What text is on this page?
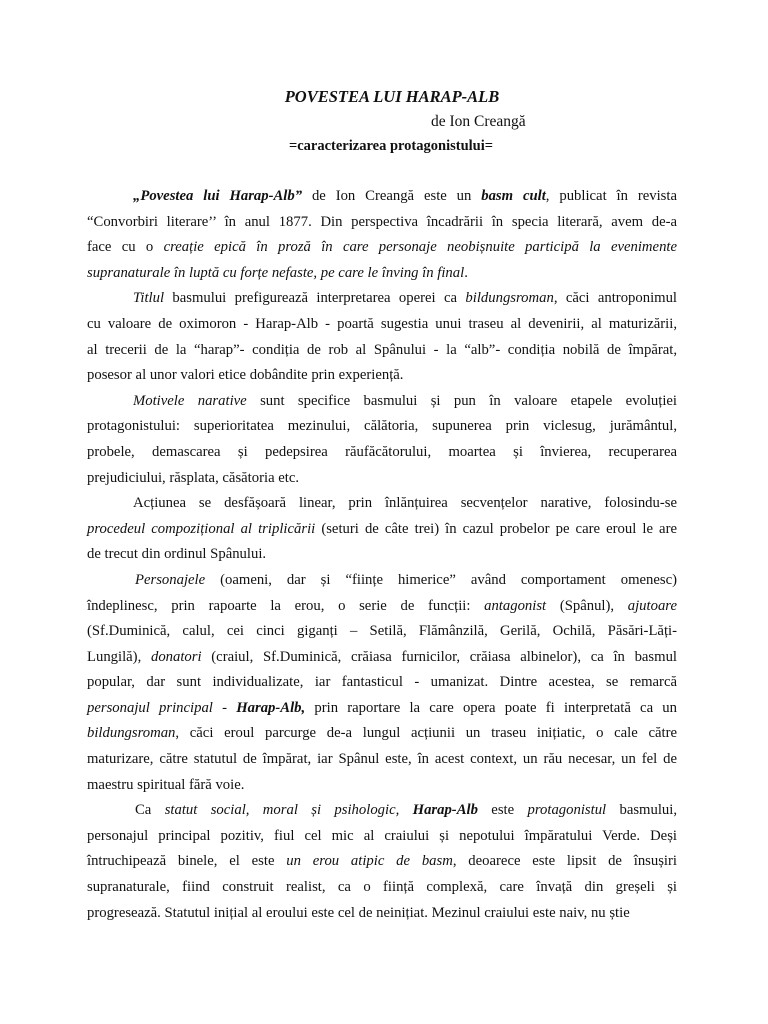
POVESTEA LUI HARAP-ALB
de Ion Creangă
=caracterizarea protagonistului=
„Povestea lui Harap-Alb” de Ion Creangă este un basm cult, publicat în revista
“Convorbiri literare’’ în anul 1877. Din perspectiva încadrării în specia literară, avem de-a
face cu o creație epică în proză în care personaje neobișnuite participă la evenimente
supranaturale în luptă cu forțe nefaste, pe care le înving în final.
Titlul basmului prefigurează interpretarea operei ca bildungsroman, căci antroponimul
cu valoare de oximoron - Harap-Alb - poartă sugestia unui traseu al devenirii, al maturizării,
al trecerii de la “harap”- condiția de rob al Spânului - la “alb”- condiția nobilă de împărat,
posesor al unor valori etice dobândite prin experiență.
Motivele narative sunt specifice basmului și pun în valoare etapele evoluției
protagonistului: superioritatea mezinului, călătoria, supunerea prin viclesug, jurământul,
probele, demascarea și pedepsirea răufăcătorului, moartea și învierea, recuperarea
prejudiciului, răsplata, căsătoria etc.
Acțiunea se desfășoară linear, prin înlănțuirea secvențelor narative, folosindu-se
procedeul compozițional al triplicării (seturi de câte trei) în cazul probelor pe care eroul le are
de trecut din ordinul Spânului.
Personajele (oameni, dar și “ființe himerice” având comportament omenesc)
îndeplinesc, prin rapoarte la erou, o serie de funcții: antagonist (Spânul), ajutoare
(Sf.Duminică, calul, cei cinci giganți – Setilă, Flămânzilă, Gerilă, Ochilă, Păsări-Lăți-
Lungilă), donatori (craiul, Sf.Duminică, crăiasa furnicilor, crăiasa albinelor), ca în basmul
popular, dar sunt individualizate, iar fantasticul - umanizat. Dintre acestea, se remarcă
personajul principal - Harap-Alb, prin raportare la care opera poate fi interpretată ca un
bildungsroman, căci eroul parcurge de-a lungul acțiunii un traseu inițiatic, o cale către
maturizare, către statutul de împărat, iar Spânul este, în acest context, un rău necesar, un fel de
maestru spiritual fără voie.
Ca statut social, moral și psihologic, Harap-Alb este protagonistul basmului,
personajul principal pozitiv, fiul cel mic al craiului și nepotului împăratului Verde. Deși
întruchipează binele, el este un erou atipic de basm, deoarece este lipsit de însușiri
supranaturale, fiind construit realist, ca o ființă complexă, care învață din greșeli și
progresează. Statutul inițial al eroului este cel de neinițiat. Mezinul craiului este naiv, nu știe
